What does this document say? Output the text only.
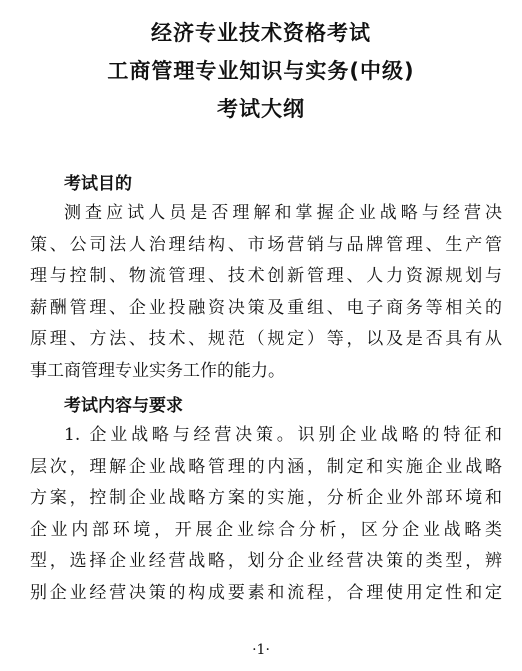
经济专业技术资格考试
工商管理专业知识与实务(中级)
考试大纲
考试目的
测查应试人员是否理解和掌握企业战略与经营决
策、公司法人治理结构、市场营销与品牌管理、生产管
理与控制、物流管理、技术创新管理、人力资源规划与
薪酬管理、企业投融资决策及重组、电子商务等相关的
原理、方法、技术、规范（规定）等，以及是否具有从
事工商管理专业实务工作的能力。
考试内容与要求
1. 企业战略与经营决策。识别企业战略的特征和
层次，理解企业战略管理的内涵，制定和实施企业战略
方案，控制企业战略方案的实施，分析企业外部环境和
企业内部环境，开展企业综合分析，区分企业战略类
型，选择企业经营战略，划分企业经营决策的类型，辨
别企业经营决策的构成要素和流程，合理使用定性和定
·1·
